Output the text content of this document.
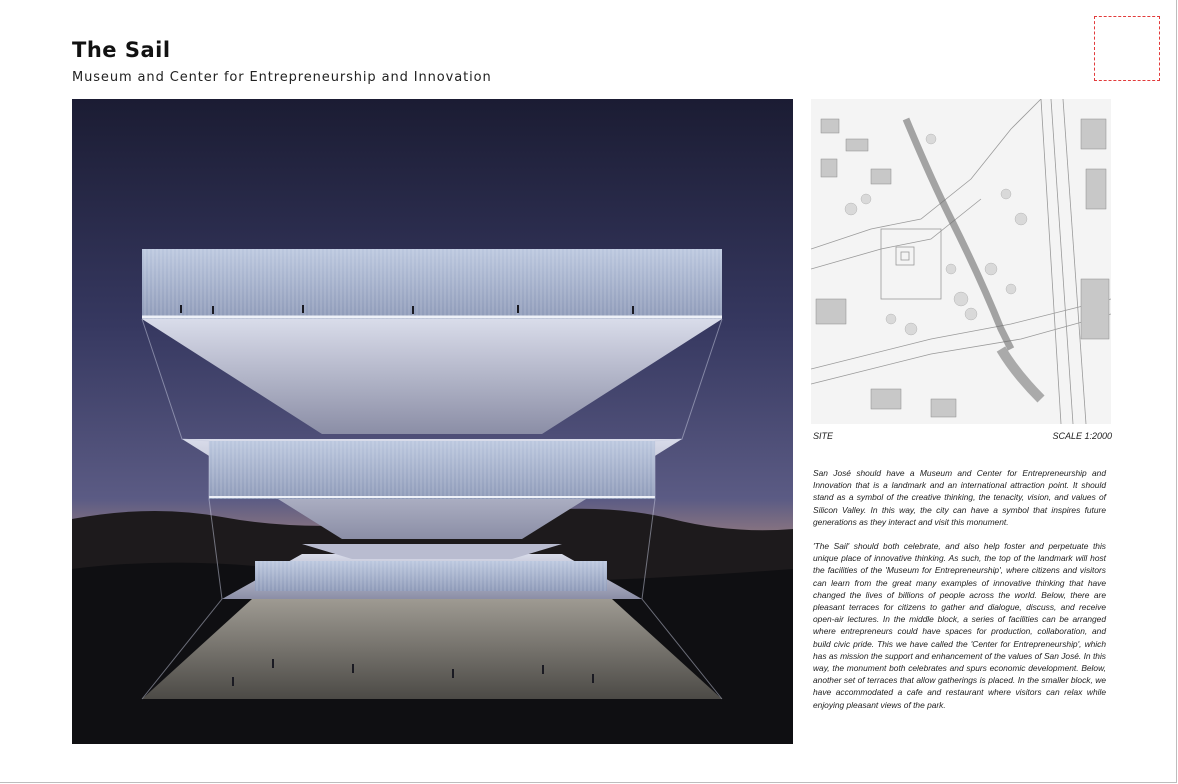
The Sail
Museum and Center for Entrepreneurship and Innovation
SITE	SCALE 1:2000

San José should have a Museum and Center for Entrepreneurship and Innovation that is a landmark and an international attraction point. It should stand as a symbol of the creative thinking, the tenacity, vision, and values of Silicon Valley. In this way, the city can have a symbol that inspires future generations as they interact and visit this monument.

'The Sail' should both celebrate, and also help foster and perpetuate this unique place of innovative thinking. As such, the top of the landmark will host the facilities of the 'Museum for Entrepreneurship', where citizens and visitors can learn from the great many examples of innovative thinking that have changed the lives of billions of people across the world. Below, there are pleasant terraces for citizens to gather and dialogue, discuss, and receive open-air lectures. In the middle block, a series of facilities can be arranged where entrepreneurs could have spaces for production, collaboration, and build civic pride. This we have called the 'Center for Entrepreneurship', which has as mission the support and enhancement of the values of San José. In this way, the monument both celebrates and spurs economic development. Below, another set of terraces that allow gatherings is placed. In the smaller block, we have accommodated a cafe and restaurant where visitors can relax while enjoying pleasant views of the park.
